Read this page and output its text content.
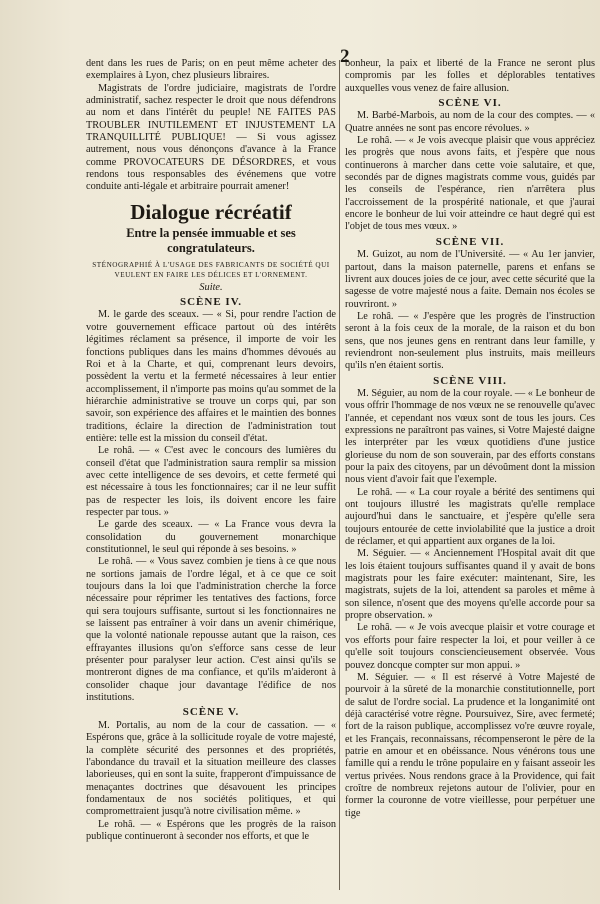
2

dent dans les rues de Paris; on en peut même acheter des exemplaires à Lyon, chez plusieurs libraires.

Magistrats de l'ordre judiciaire, magistrats de l'ordre administratif, sachez respecter le droit que nous défendrons au nom et dans l'intérêt du peuple! NE FAITES PAS TROUBLER INUTILEMENT ET INJUSTEMENT LA TRANQUILLITÉ PUBLIQUE! — Si vous agissez autrement, nous vous dénonçons d'avance à la France comme PROVOCATEURS DE DÉSORDRES, et vous rendons tous responsables des événemens que votre conduite anti-légale et arbitraire pourrait amener!

Dialogue récréatif
Entre la pensée immuable et ses congratulateurs.
STÉNOGRAPHIÉ À L'USAGE DES FABRICANTS DE SOCIÉTÉ QUI VEULENT EN FAIRE LES DÉLICES ET L'ORNEMENT.
Suite.
SCÈNE IV.

M. le garde des sceaux. — « Si, pour rendre l'action de votre gouvernement efficace partout où des intérêts légitimes réclament sa présence, il importe de voir les fonctions publiques dans les mains d'hommes dévoués au Roi et à la Charte, et qui, comprenant leurs devoirs, possèdent la vertu et la fermeté nécessaires à leur entier accomplissement, il n'importe pas moins qu'au sommet de la hiérarchie administrative se trouve un corps qui, par son savoir, son expérience des affaires et le maintien des bonnes traditions, éclaire la direction de l'administration tout entière: telle est la mission du conseil d'état.

Le rohâ. — « C'est avec le concours des lumières du conseil d'état que l'administration saura remplir sa mission avec cette intelligence de ses devoirs, et cette fermeté qui est nécessaire à tous les fonctionnaires; car il ne leur suffit pas de respecter les lois, ils doivent encore les faire respecter par tous. »

Le garde des sceaux. — « La France vous devra la consolidation du gouvernement monarchique constitutionnel, le seul qui réponde à ses besoins. »

Le rohâ. — « Vous savez combien je tiens à ce que nous ne sortions jamais de l'ordre légal, et à ce que ce soit toujours dans la loi que l'administration cherche la force nécessaire pour réprimer les tentatives des factions, force qui sera toujours suffisante, surtout si les fonctionnaires ne se laissent pas entraîner à voir dans un avenir chimérique, que la volonté nationale repousse autant que la raison, ces effrayantes illusions qu'on s'efforce sans cesse de leur présenter pour paralyser leur action. C'est ainsi qu'ils se montreront dignes de ma confiance, et qu'ils m'aideront à consolider chaque jour davantage l'édifice de nos institutions.

SCÈNE V.

M. Portalis, au nom de la cour de cassation. — « Espérons que, grâce à la sollicitude royale de votre majesté, la complète sécurité des personnes et des propriétés, l'abondance du travail et la situation meilleure des classes laborieuses, qui en sont la suite, frapperont d'impuissance de menaçantes doctrines que désavouent les principes fondamentaux de nos sociétés politiques, et qui compromettraient jusqu'à notre civilisation même. »

Le rohâ. — « Espérons que les progrès de la raison publique continueront à seconder nos efforts, et que le

bonheur, la paix et liberté de la France ne seront plus compromis par les folles et déplorables tentatives auxquelles vous venez de faire allusion.

SCÈNE VI.

M. Barbé-Marbois, au nom de la cour des comptes. — « Quatre années ne sont pas encore révolues. »

Le rohâ. — « Je vois avecque plaisir que vous appréciez les progrès que nous avons faits, et j'espère que nous continuerons à marcher dans cette voie salutaire, et que, secondés par de dignes magistrats comme vous, guidés par les conseils de l'espérance, rien n'arrêtera plus l'accroissement de la prospérité nationale, et que j'aurai encore le bonheur de lui voir atteindre ce haut degré qui est l'objet de tous mes vœux. »

SCÈNE VII.

M. Guizot, au nom de l'Université. — « Au 1er janvier, partout, dans la maison paternelle, parens et enfans se livrent aux douces joies de ce jour, avec cette sécurité que la sagesse de votre majesté nous a faite. Demain nos écoles se rouvriront. »

Le rohâ. — « J'espère que les progrès de l'instruction seront à la fois ceux de la morale, de la raison et du bon sens, que nos jeunes gens en rentrant dans leur famille, y reviendront non-seulement plus instruits, mais meilleurs qu'ils n'en étaient sortis.

SCÈNE VIII.

M. Séguier, au nom de la cour royale. — « Le bonheur de vous offrir l'hommage de nos vœux ne se renouvelle qu'avec l'année, et cependant nos vœux sont de tous les jours. Ces expressions ne paraîtront pas vaines, si Votre Majesté daigne les interpréter par les vœux quotidiens d'une justice glorieuse du nom de son souverain, par des efforts constans pour la paix des citoyens, par un dévoûment dont la mission nous vient d'avoir fait que l'exemple.

Le rohâ. — « La cour royale a bérité des sentimens qui ont toujours illustré les magistrats qu'elle remplace aujourd'hui dans le sanctuaire, et j'espère qu'elle sera toujours entourée de cette inviolabilité que la justice a droit de réclamer, et qui appartient aux organes de la loi.

M. Séguier. — « Anciennement l'Hospital avait dit que les lois étaient toujours suffisantes quand il y avait de bons magistrats pour les faire exécuter: maintenant, Sire, les magistrats, sujets de la loi, attendent sa paroles et même à son silence, n'osent que des moyens qu'elle accorde pour sa propre observation. »

Le rohâ. — « Je vois avecque plaisir et votre courage et vos efforts pour faire respecter la loi, et pour veiller à ce qu'elle soit toujours consciencieusement observée. Vous pouvez doncque compter sur mon appui. »

M. Séguier. — « Il est réservé à Votre Majesté de pourvoir à la sûreté de la monarchie constitutionnelle, port de salut de l'ordre social. La prudence et la longanimité ont déjà caractérisé votre règne. Poursuivez, Sire, avec fermeté; fort de la raison publique, accomplissez vo're œuvre royale, et les Français, reconnaissans, récompenseront le père de la patrie en amour et en obéissance. Nous vénérons tous une famille qui a rendu le trône populaire en y faisant asseoir les vertus privées. Nous rendons grace à la Providence, qui fait croître de nombreux rejetons autour de l'olivier, pour en former la couronne de votre vieillesse, pour perpétuer une tige
